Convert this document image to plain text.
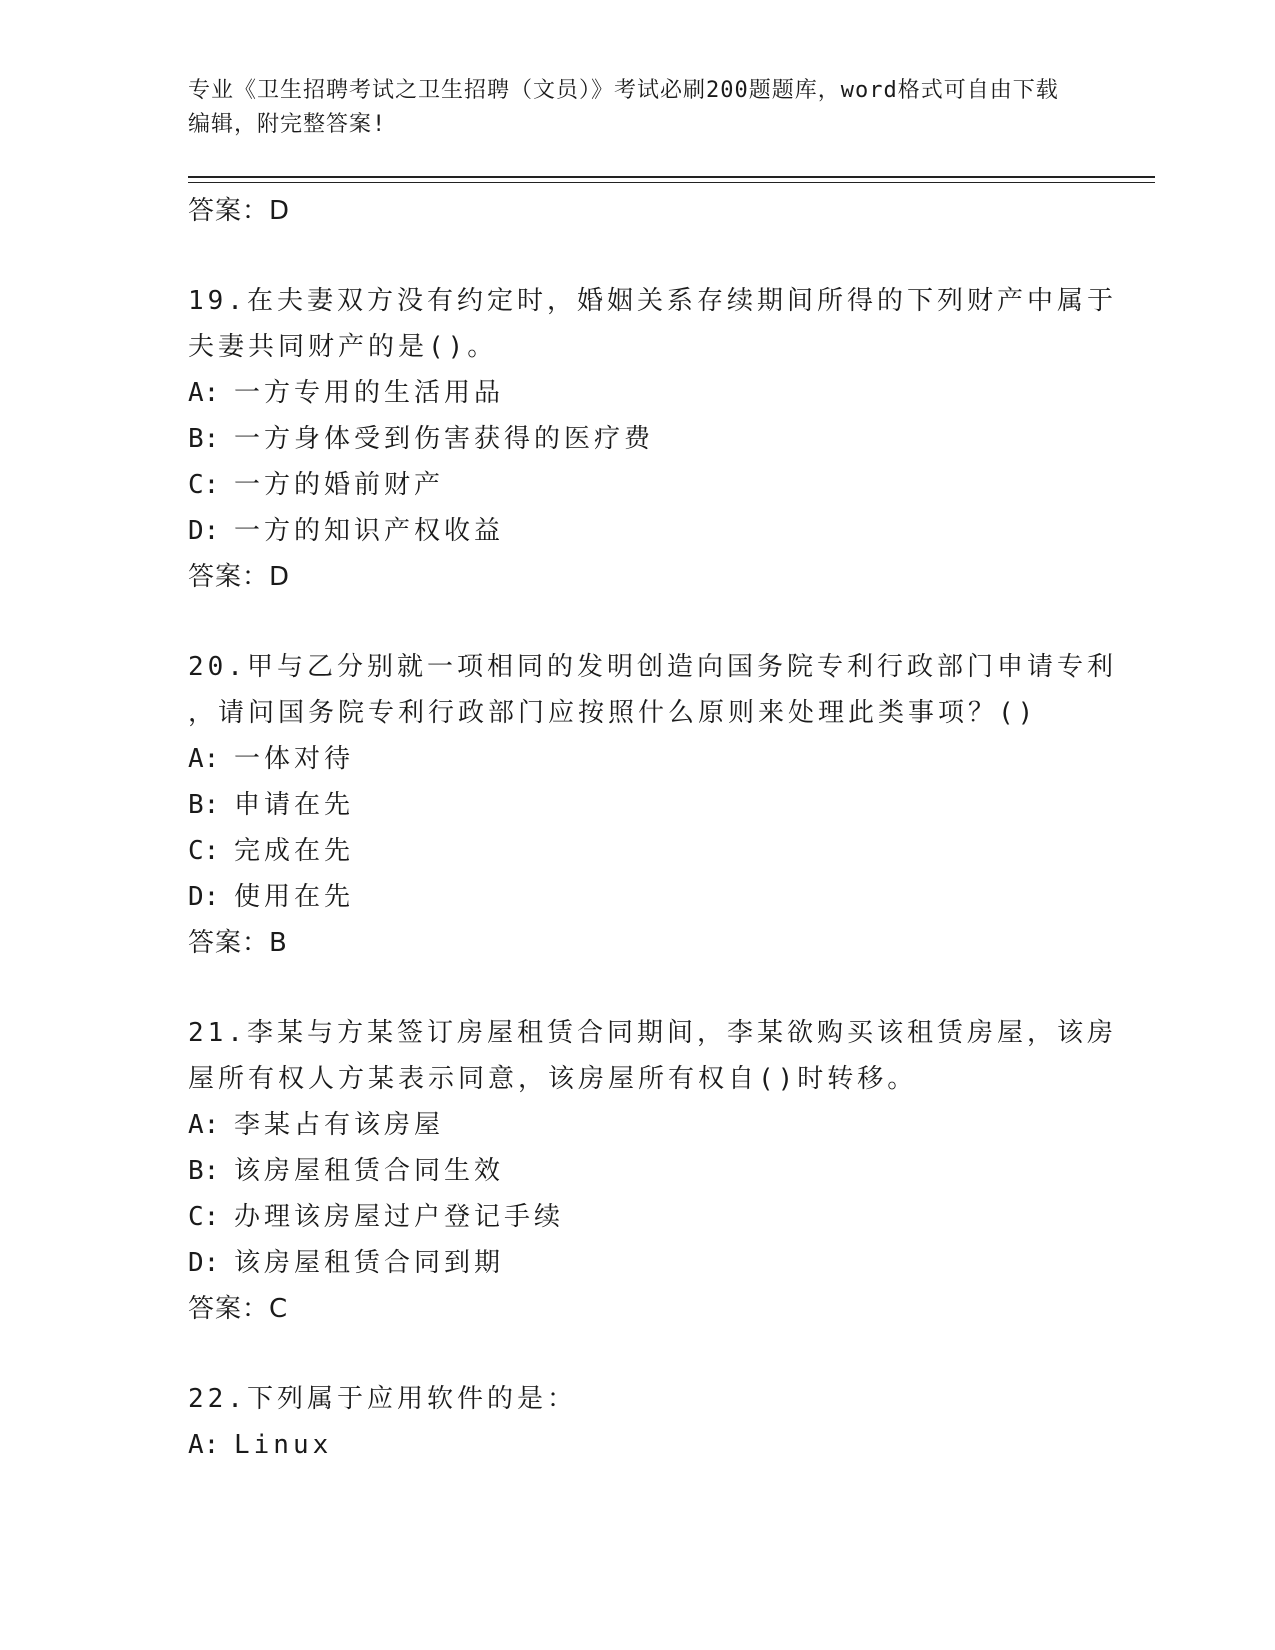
专业《卫生招聘考试之卫生招聘（文员）》考试必刷200题题库，word格式可自由下载编辑，附完整答案!
答案：D
19.在夫妻双方没有约定时，婚姻关系存续期间所得的下列财产中属于
夫妻共同财产的是()。
A: 一方专用的生活用品
B: 一方身体受到伤害获得的医疗费
C: 一方的婚前财产
D: 一方的知识产权收益
答案：D
20.甲与乙分别就一项相同的发明创造向国务院专利行政部门申请专利
，请问国务院专利行政部门应按照什么原则来处理此类事项？()
A: 一体对待
B: 申请在先
C: 完成在先
D: 使用在先
答案：B
21.李某与方某签订房屋租赁合同期间，李某欲购买该租赁房屋，该房
屋所有权人方某表示同意，该房屋所有权自()时转移。
A: 李某占有该房屋
B: 该房屋租赁合同生效
C: 办理该房屋过户登记手续
D: 该房屋租赁合同到期
答案：C
22.下列属于应用软件的是：
A: Linux
